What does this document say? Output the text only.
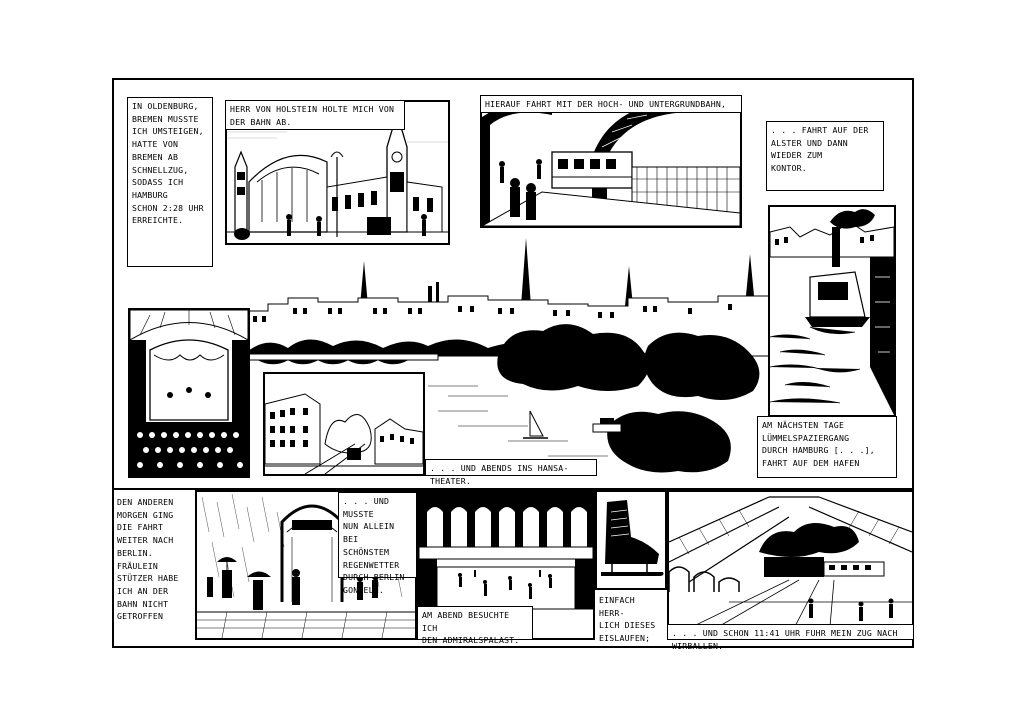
IN OLDENBURG,
BREMEN MUSSTE
ICH UMSTEIGEN,
HATTE VON
BREMEN AB
SCHNELLZUG,
SODASS ICH
HAMBURG
SCHON 2:28 UHR
ERREICHTE.
HERR VON HOLSTEIN HOLTE MICH VON
DER BAHN AB.
HIERAUF FAHRT MIT DER HOCH- UND UNTERGRUNDBAHN,
. . . FAHRT AUF DER
ALSTER UND DANN
WIEDER ZUM
KONTOR.
. . . UND ABENDS INS HANSA-THEATER.
AM NÄCHSTEN TAGE
LÜMMELSPAZIERGANG
DURCH HAMBURG [. . .],
FAHRT AUF DEM HAFEN
DEN ANDEREN
MORGEN GING
DIE FAHRT
WEITER NACH
BERLIN. FRÄULEIN
STÜTZER HABE
ICH AN DER
BAHN NICHT
GETROFFEN
. . . UND MUSSTE
NUN ALLEIN BEI
SCHÖNSTEM
REGENWETTER
DURCH BERLIN
GONDELN.
AM ABEND BESUCHTE ICH
DEN ADMIRALSPALAST.
EINFACH HERR-
LICH DIESES
EISLAUFEN;
. . . UND SCHON 11:41 UHR FUHR MEIN ZUG NACH WIRBALLEN.
